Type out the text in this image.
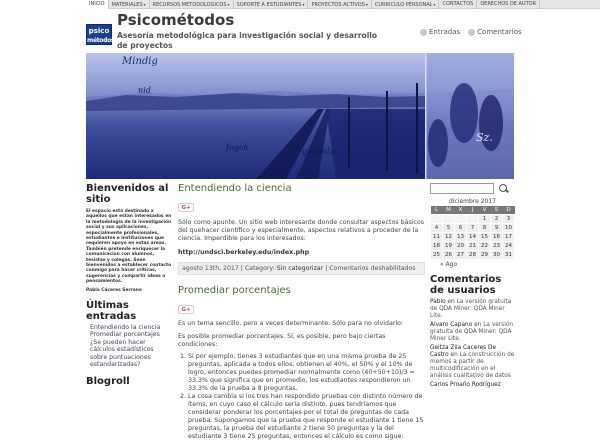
INICIO	MATERIALES▾	RECURSOS METODOLOGICOS▾	SOPORTE A ESTUDIANTES▾	PROYECTOS ACTIVOS▾	CURRICULO PERSONAL▾	CONTACTOS	DERECHOS DE AUTOR
psico
métodos
Psicométodos
Asesoría metodológica para investigación social y desarrollo de proyectos
Entradas	Comentarios
Mindig
nid
fogok	goudolui
Sz.
Bienvenidos al sitio
El espacio esta destinado a aquellos que estan interesados en la metodología de la investigación social y sus aplicaciones, especialmente profesionales, estudiantes e instituciones que requieren apoyo en estas areas. También pretende enriquecer la comunicacion con alumnos, tesistas y colegas. Sean bienvenidos a establecer contacto conmigo para hacer críticas, sugerencias y compartir ideas o pensamientos.
Pablo Cáceres Serrano
Últimas entradas
Entendiendo la ciencia
Promediar porcentajes
¿Se pueden hacer cálculos estadísticos sobre puntuaciones estandarizadas?
Blogroll
Entendiendo la ciencia
G+
Sólo como apunte. Un sitio web interesante donde consultar aspectos básicos del quehacer científico y especialmente, aspectos relativos a proceder de la ciencia. Imperdible para los interesados:
http://undsci.berkeley.edu/index.php
agosto 13th, 2017 | Category: Sin categorizar | Comentarios deshabilitados
Promediar porcentajes
G+
Es un tema sencillo, pero a veces determinante. Sólo para no olvidarlo:
Es posible promediar porcentajes. Sí, es posible, pero bajo ciertas condiciones:
1. Si por ejemplo, tienes 3 estudiantes que en una misma prueba de 25 preguntas, aplicada a todos ellos, obtienen el 40%, el 50% y el 10% de logro, entonces puedes promediar normalmente como (40+50+10)/3 = 33,3% que significa que en promedio, los estudiantes respondieron un 33.3% de la prueba a 8 preguntas.
2. La cosa cambia si los tres han respondido pruebas con distinto número de ítems, en cuyo caso el cálculo sería distinto, pues tendríamos que considerar ponderar los porcentajes por el total de preguntas de cada prueba. Supongamos que la prueba que responde el estudiante 1 tiene 15 preguntas, la prueba del estudiante 2 tiene 50 preguntas y la del estudiante 3 tiene 25 preguntas, entonces el cálculo es como sigue:
diciembre 2017
L	M	X	J	V	S	D
				1	2	3
4	5	6	7	8	9	10
11	12	13	14	15	16	17
18	19	20	21	22	23	24
25	26	27	28	29	30	31
« Ago
Comentarios de usuarios
Pablo en La versión gratuita de QDA Miner: QDA Miner Lite.
Alvaro Capano en La versión gratuita de QDA Miner: QDA Miner Lite.
Geitza Zila Caceres De Castro en La construcción de memos a partir de multicodificación en el análisis cualitativo de datos
Carlos Proaño Rodríguez
